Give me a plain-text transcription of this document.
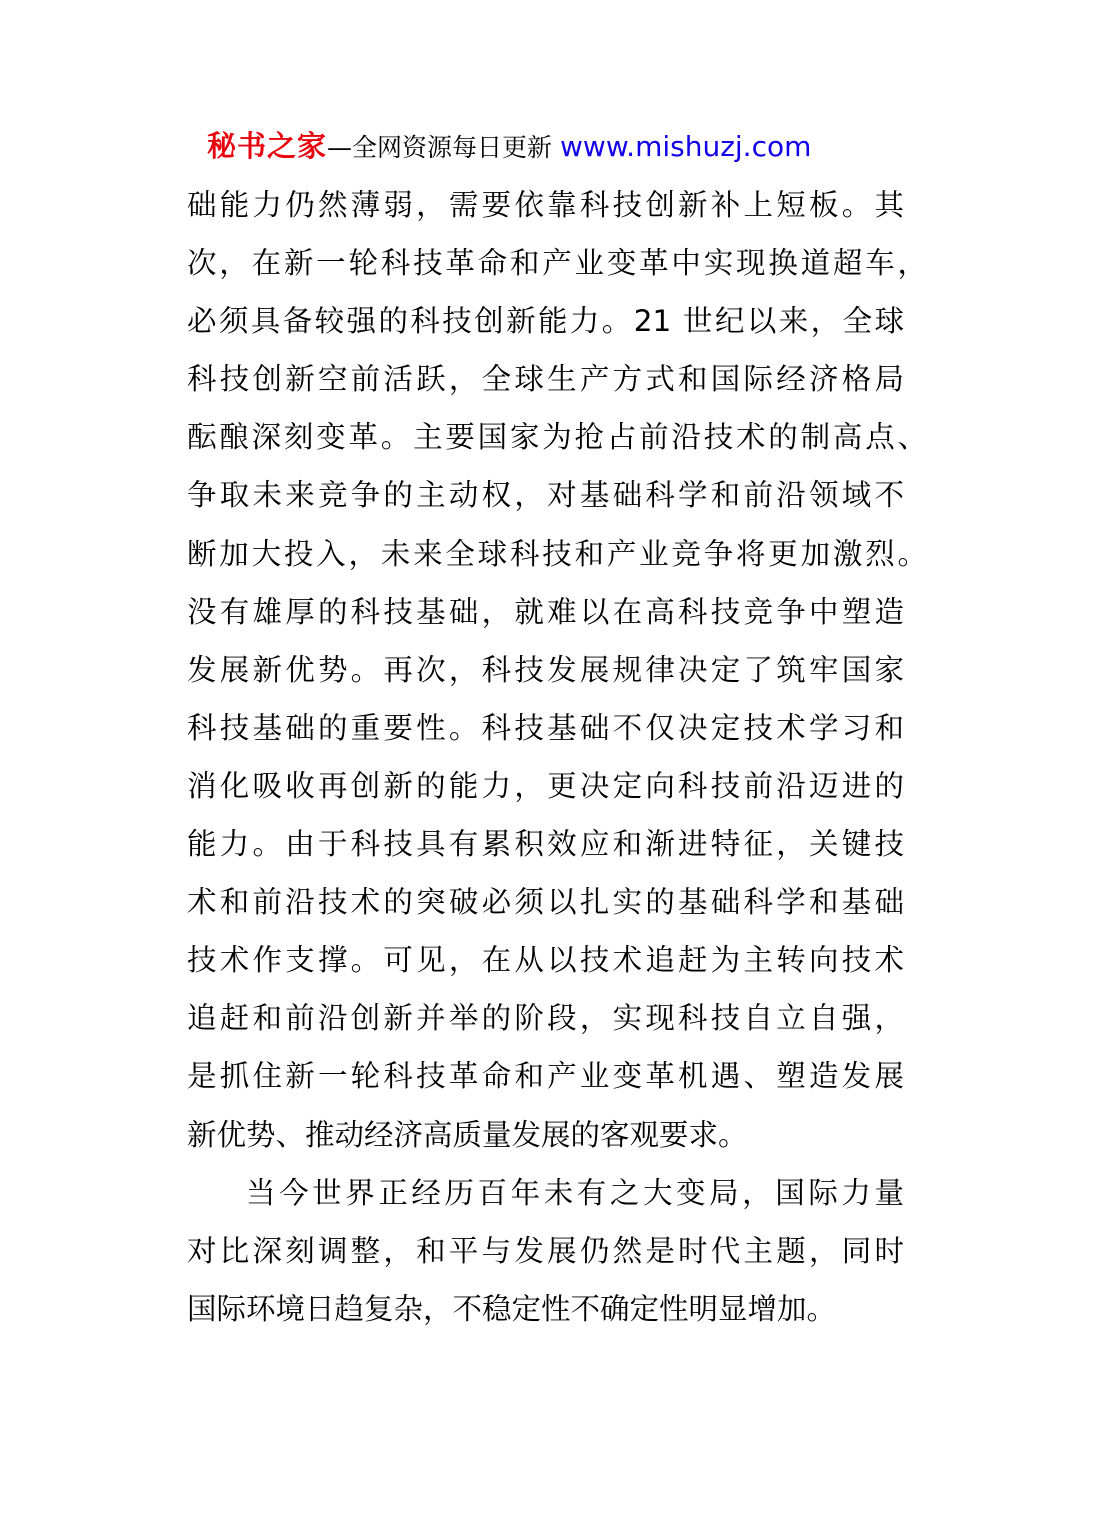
秘书之家—全网资源每日更新 www.mishuzj.com
础能力仍然薄弱，需要依靠科技创新补上短板。其
次，在新一轮科技革命和产业变革中实现换道超车，
必须具备较强的科技创新能力。21 世纪以来，全球
科技创新空前活跃，全球生产方式和国际经济格局
酝酿深刻变革。主要国家为抢占前沿技术的制高点、
争取未来竞争的主动权，对基础科学和前沿领域不
断加大投入，未来全球科技和产业竞争将更加激烈。
没有雄厚的科技基础，就难以在高科技竞争中塑造
发展新优势。再次，科技发展规律决定了筑牢国家
科技基础的重要性。科技基础不仅决定技术学习和
消化吸收再创新的能力，更决定向科技前沿迈进的
能力。由于科技具有累积效应和渐进特征，关键技
术和前沿技术的突破必须以扎实的基础科学和基础
技术作支撑。可见，在从以技术追赶为主转向技术
追赶和前沿创新并举的阶段，实现科技自立自强，
是抓住新一轮科技革命和产业变革机遇、塑造发展
新优势、推动经济高质量发展的客观要求。
当今世界正经历百年未有之大变局，国际力量
对比深刻调整，和平与发展仍然是时代主题，同时
国际环境日趋复杂，不稳定性不确定性明显增加。
